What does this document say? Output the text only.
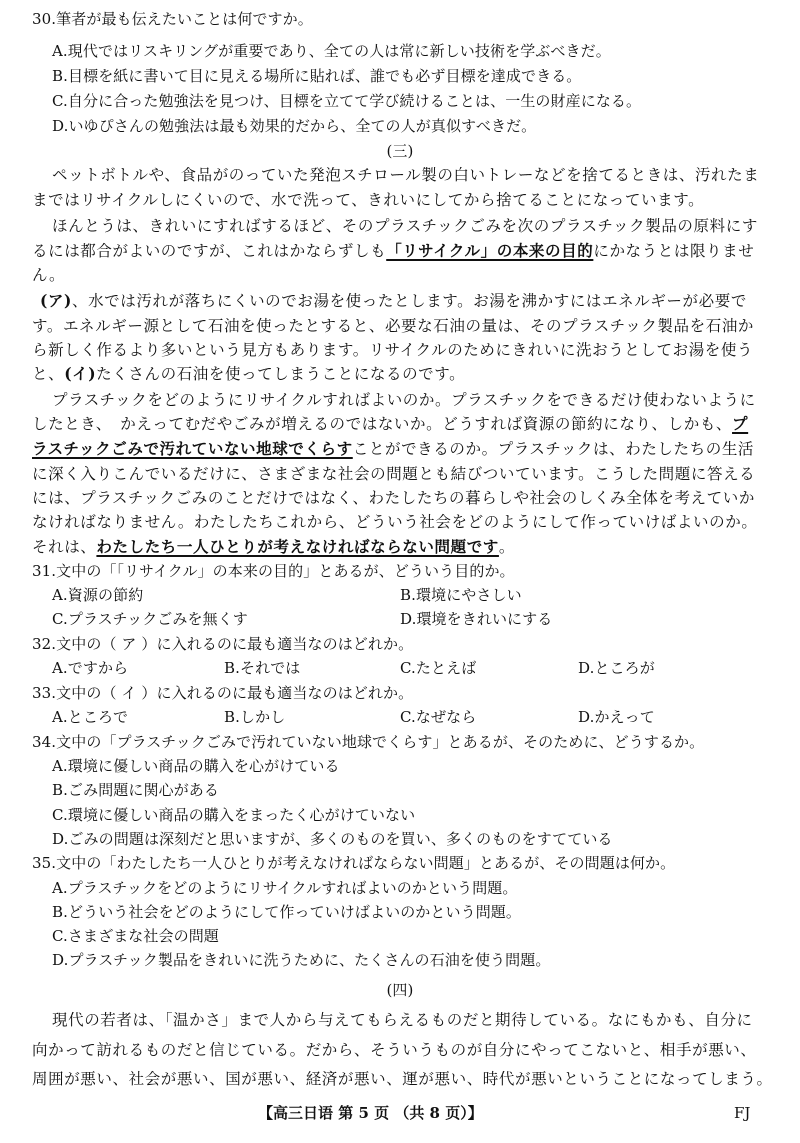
30.筆者が最も伝えたいことは何ですか。
A.現代ではリスキリングが重要であり、全ての人は常に新しい技術を学ぶべきだ。
B.目標を紙に書いて目に見える場所に貼れば、誰でも必ず目標を達成できる。
C.自分に合った勉強法を見つけ、目標を立てて学び続けることは、一生の財産になる。
D.いゆぴさんの勉強法は最も効果的だから、全ての人が真似すべきだ。
(三)
ペットボトルや、食品がのっていた発泡スチロール製の白いトレーなどを捨てるときは、汚れたま
まではリサイクルしにくいので、水で洗って、きれいにしてから捨てることになっています。
ほんとうは、きれいにすればするほど、そのプラスチックごみを次のプラスチック製品の原料にす
るには都合がよいのですが、これはかならずしも「リサイクル」の本来の目的にかなうとは限りませ
ん。
(ア)、水では汚れが落ちにくいのでお湯を使ったとします。お湯を沸かすにはエネルギーが必要で
す。エネルギー源として石油を使ったとすると、必要な石油の量は、そのプラスチック製品を石油か
ら新しく作るより多いという見方もあります。リサイクルのためにきれいに洗おうとしてお湯を使う
と、(イ)たくさんの石油を使ってしまうことになるのです。
プラスチックをどのようにリサイクルすればよいのか。プラスチックをできるだけ使わないように
したとき、　かえってむだやごみが増えるのではないか。どうすれば資源の節約になり、しかも、プ
ラスチックごみで汚れていない地球でくらすことができるのか。プラスチックは、わたしたちの生活
に深く入りこんでいるだけに、さまざまな社会の問題とも結びついています。こうした問題に答える
には、プラスチックごみのことだけではなく、わたしたちの暮らしや社会のしくみ全体を考えていか
なければなりません。わたしたちこれから、どういう社会をどのようにして作っていけばよいのか。
それは、わたしたち一人ひとりが考えなければならない問題です。
31.文中の「「リサイクル」の本来の目的」とあるが、どういう目的か。
A.資源の節約	B.環境にやさしい
C.プラスチックごみを無くす	D.環境をきれいにする
32.文中の（ ア ）に入れるのに最も適当なのはどれか。
A.ですから	B.それでは	C.たとえば	D.ところが
33.文中の（ イ ）に入れるのに最も適当なのはどれか。
A.ところで	B.しかし	C.なぜなら	D.かえって
34.文中の「プラスチックごみで汚れていない地球でくらす」とあるが、そのために、どうするか。
A.環境に優しい商品の購入を心がけている
B.ごみ問題に関心がある
C.環境に優しい商品の購入をまったく心がけていない
D.ごみの問題は深刻だと思いますが、多くのものを買い、多くのものをすてている
35.文中の「わたしたち一人ひとりが考えなければならない問題」とあるが、その問題は何か。
A.プラスチックをどのようにリサイクルすればよいのかという問題。
B.どういう社会をどのようにして作っていけばよいのかという問題。
C.さまざまな社会の問題
D.プラスチック製品をきれいに洗うために、たくさんの石油を使う問題。
(四)
現代の若者は、「温かさ」まで人から与えてもらえるものだと期待している。なにもかも、自分に
向かって訪れるものだと信じている。だから、そういうものが自分にやってこないと、相手が悪い、
周囲が悪い、社会が悪い、国が悪い、経済が悪い、運が悪い、時代が悪いということになってしまう。
【高三日语 第 5 页 （共 8 页）】	FJ
